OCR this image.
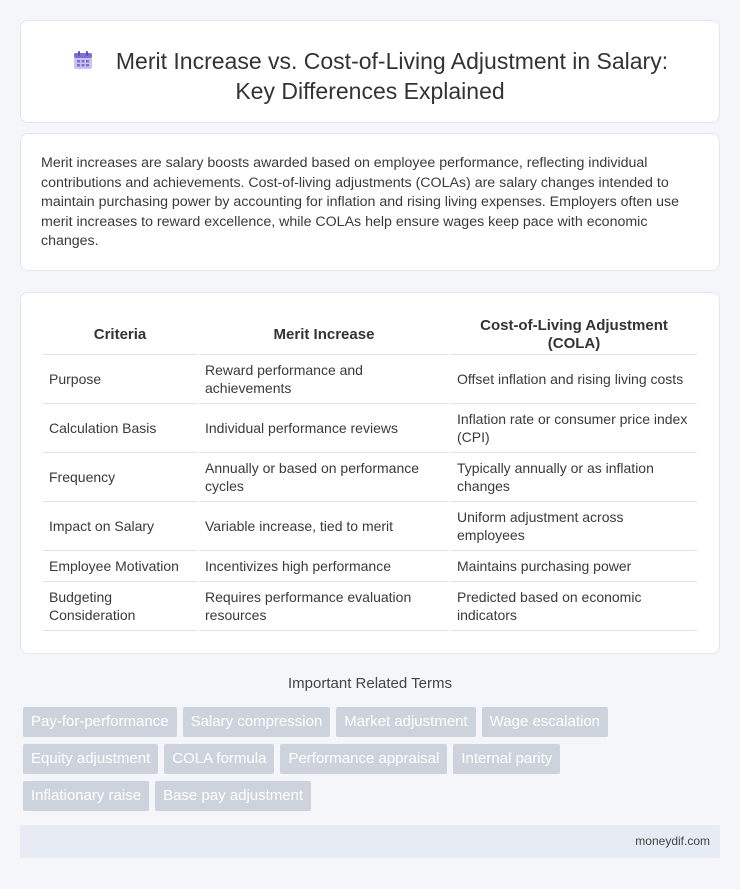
Merit Increase vs. Cost-of-Living Adjustment in Salary:
Key Differences Explained

Merit increases are salary boosts awarded based on employee performance, reflecting individual contributions and achievements. Cost-of-living adjustments (COLAs) are salary changes intended to maintain purchasing power by accounting for inflation and rising living expenses. Employers often use merit increases to reward excellence, while COLAs help ensure wages keep pace with economic changes.

Criteria	Merit Increase	Cost-of-Living Adjustment (COLA)
Purpose	Reward performance and achievements	Offset inflation and rising living costs
Calculation Basis	Individual performance reviews	Inflation rate or consumer price index (CPI)
Frequency	Annually or based on performance cycles	Typically annually or as inflation changes
Impact on Salary	Variable increase, tied to merit	Uniform adjustment across employees
Employee Motivation	Incentivizes high performance	Maintains purchasing power
Budgeting Consideration	Requires performance evaluation resources	Predicted based on economic indicators
Important Related Terms
Pay-for-performance	Salary compression	Market adjustment	Wage escalation
Equity adjustment	COLA formula	Performance appraisal	Internal parity
Inflationary raise	Base pay adjustment
moneydif.com
